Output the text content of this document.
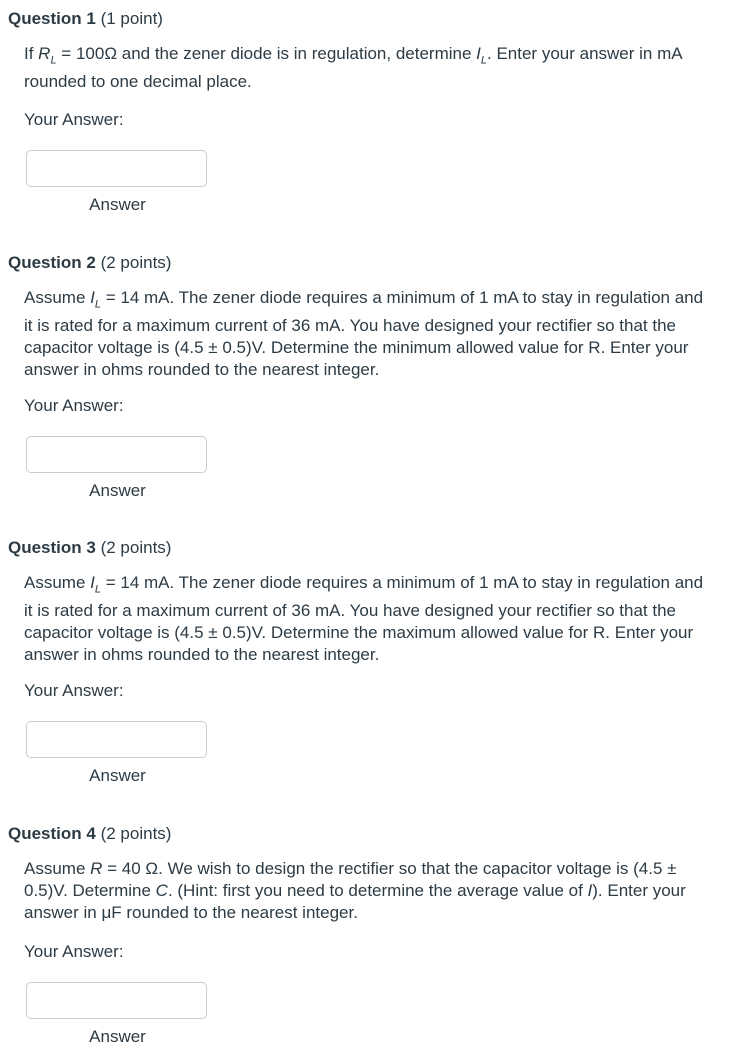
Question 1 (1 point)
If $R_L = 100\Omega$ and the zener diode is in regulation, determine $I_L$. Enter your answer in mA rounded to one decimal place.
Your Answer:
Answer
Question 2 (2 points)
Assume $I_L = 14$ mA. The zener diode requires a minimum of 1 mA to stay in regulation and it is rated for a maximum current of 36 mA. You have designed your rectifier so that the capacitor voltage is (4.5 ± 0.5)V. Determine the minimum allowed value for R. Enter your answer in ohms rounded to the nearest integer.
Your Answer:
Answer
Question 3 (2 points)
Assume $I_L = 14$ mA. The zener diode requires a minimum of 1 mA to stay in regulation and it is rated for a maximum current of 36 mA. You have designed your rectifier so that the capacitor voltage is (4.5 ± 0.5)V. Determine the maximum allowed value for R. Enter your answer in ohms rounded to the nearest integer.
Your Answer:
Answer
Question 4 (2 points)
Assume R = 40 Ω. We wish to design the rectifier so that the capacitor voltage is (4.5 ± 0.5)V. Determine C. (Hint: first you need to determine the average value of I). Enter your answer in μF rounded to the nearest integer.
Your Answer:
Answer
